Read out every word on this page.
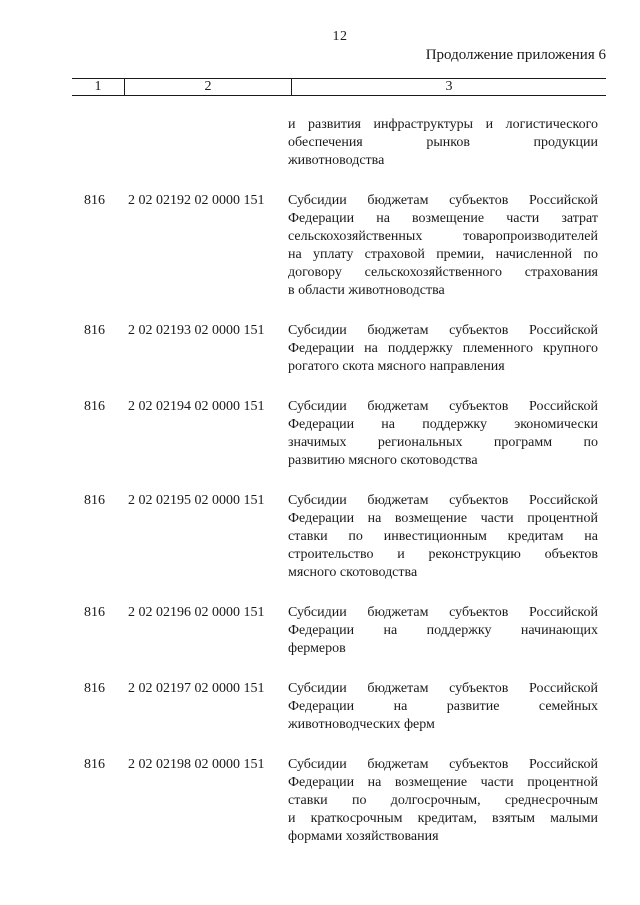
12
Продолжение приложения 6
1	2	3
и развития инфраструктуры и логистического
обеспечения рынков продукции
животноводства
816	2 02 02192 02 0000 151	Субсидии бюджетам субъектов Российской
Федерации на возмещение части затрат
сельскохозяйственных товаропроизводителей
на уплату страховой премии, начисленной по
договору сельскохозяйственного страхования
в области животноводства
816	2 02 02193 02 0000 151	Субсидии бюджетам субъектов Российской
Федерации на поддержку племенного крупного
рогатого скота мясного направления
816	2 02 02194 02 0000 151	Субсидии бюджетам субъектов Российской
Федерации на поддержку экономически
значимых региональных программ по
развитию мясного скотоводства
816	2 02 02195 02 0000 151	Субсидии бюджетам субъектов Российской
Федерации на возмещение части процентной
ставки по инвестиционным кредитам на
строительство и реконструкцию объектов
мясного скотоводства
816	2 02 02196 02 0000 151	Субсидии бюджетам субъектов Российской
Федерации на поддержку начинающих
фермеров
816	2 02 02197 02 0000 151	Субсидии бюджетам субъектов Российской
Федерации на развитие семейных
животноводческих ферм
816	2 02 02198 02 0000 151	Субсидии бюджетам субъектов Российской
Федерации на возмещение части процентной
ставки по долгосрочным, среднесрочным
и краткосрочным кредитам, взятым малыми
формами хозяйствования
